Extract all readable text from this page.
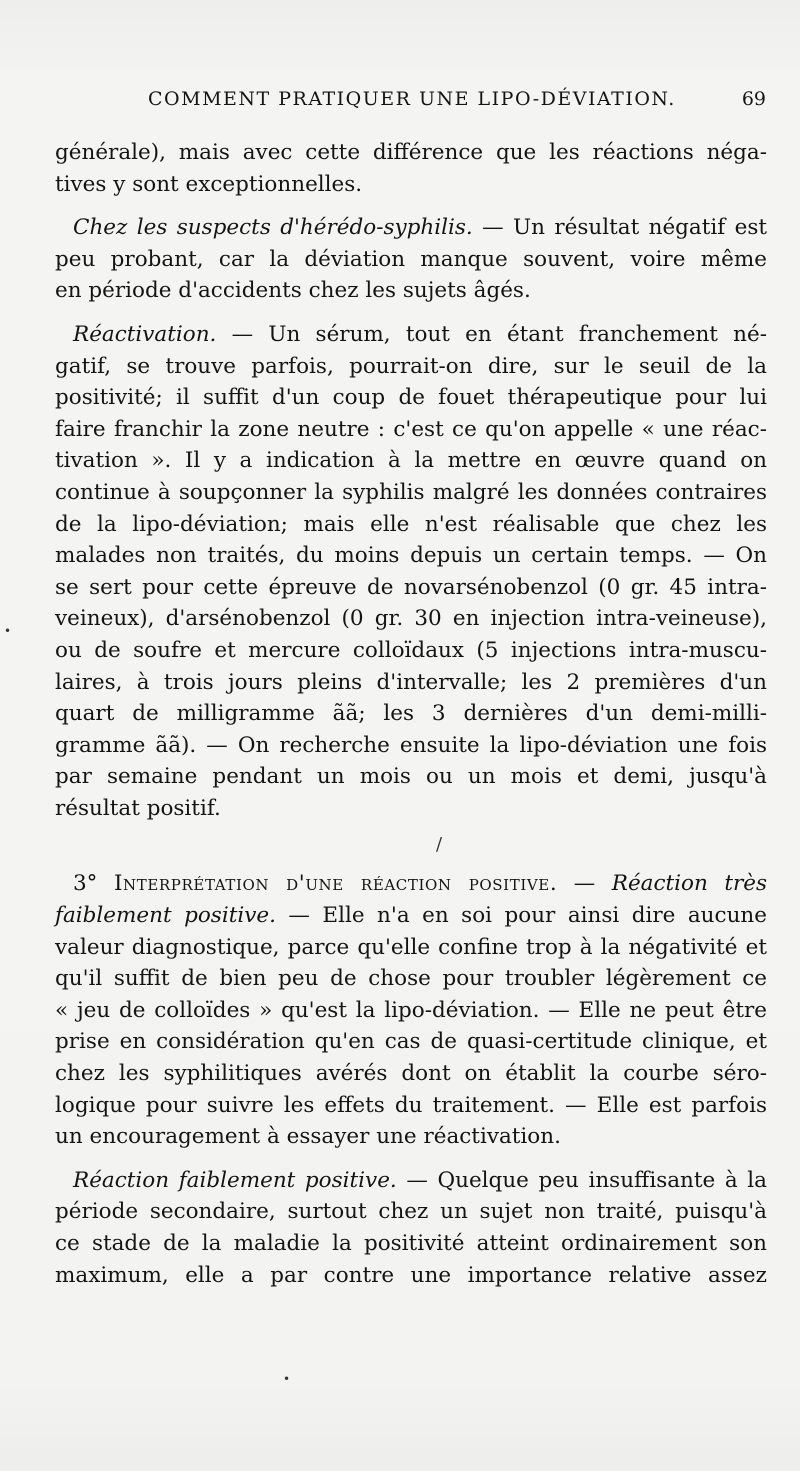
COMMENT PRATIQUER UNE LIPO-DÉVIATION.	69

générale), mais avec cette différence que les réactions néga-
tives y sont exceptionnelles.

Chez les suspects d'hérédo-syphilis. — Un résultat négatif est
peu probant, car la déviation manque souvent, voire même
en période d'accidents chez les sujets âgés.

Réactivation. — Un sérum, tout en étant franchement né-
gatif, se trouve parfois, pourrait-on dire, sur le seuil de la
positivité; il suffit d'un coup de fouet thérapeutique pour lui
faire franchir la zone neutre : c'est ce qu'on appelle « une réac-
tivation ». Il y a indication à la mettre en œuvre quand on
continue à soupçonner la syphilis malgré les données contraires
de la lipo-déviation; mais elle n'est réalisable que chez les
malades non traités, du moins depuis un certain temps. — On
se sert pour cette épreuve de novarsénobenzol (0 gr. 45 intra-
veineux), d'arsénobenzol (0 gr. 30 en injection intra-veineuse),
ou de soufre et mercure colloïdaux (5 injections intra-muscu-
laires, à trois jours pleins d'intervalle; les 2 premières d'un
quart de milligramme ãã; les 3 dernières d'un demi-milli-
gramme ãã). — On recherche ensuite la lipo-déviation une fois
par semaine pendant un mois ou un mois et demi, jusqu'à
résultat positif.

3° Interprétation d'une réaction positive. — Réaction très
faiblement positive. — Elle n'a en soi pour ainsi dire aucune
valeur diagnostique, parce qu'elle confine trop à la négativité et
qu'il suffit de bien peu de chose pour troubler légèrement ce
« jeu de colloïdes » qu'est la lipo-déviation. — Elle ne peut être
prise en considération qu'en cas de quasi-certitude clinique, et
chez les syphilitiques avérés dont on établit la courbe séro-
logique pour suivre les effets du traitement. — Elle est parfois
un encouragement à essayer une réactivation.

Réaction faiblement positive. — Quelque peu insuffisante à la
période secondaire, surtout chez un sujet non traité, puisqu'à
ce stade de la maladie la positivité atteint ordinairement son
maximum, elle a par contre une importance relative assez

/
•
•
